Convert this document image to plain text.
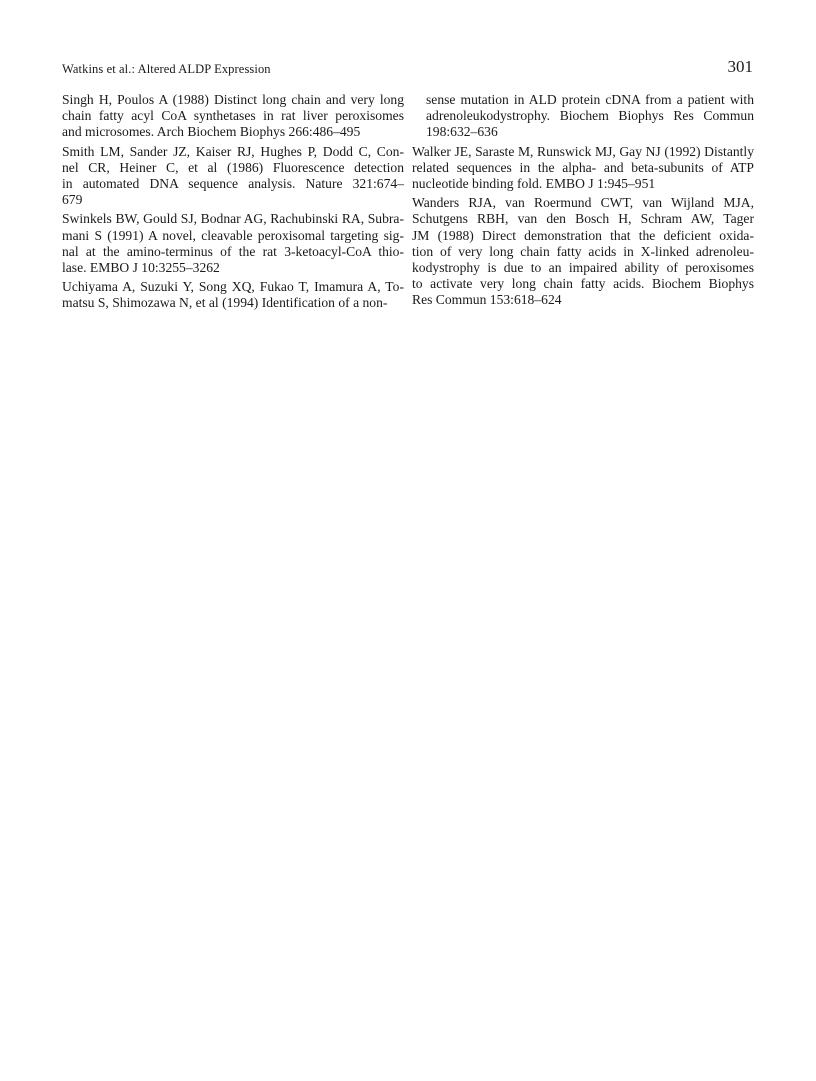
Watkins et al.: Altered ALDP Expression	301
Singh H, Poulos A (1988) Distinct long chain and very long
chain fatty acyl CoA synthetases in rat liver peroxisomes
and microsomes. Arch Biochem Biophys 266:486–495
Smith LM, Sander JZ, Kaiser RJ, Hughes P, Dodd C, Con-
nel CR, Heiner C, et al (1986) Fluorescence detection
in automated DNA sequence analysis. Nature 321:674–
679
Swinkels BW, Gould SJ, Bodnar AG, Rachubinski RA, Subra-
mani S (1991) A novel, cleavable peroxisomal targeting sig-
nal at the amino-terminus of the rat 3-ketoacyl-CoA thio-
lase. EMBO J 10:3255–3262
Uchiyama A, Suzuki Y, Song XQ, Fukao T, Imamura A, To-
matsu S, Shimozawa N, et al (1994) Identification of a non-
sense mutation in ALD protein cDNA from a patient with
adrenoleukodystrophy. Biochem Biophys Res Commun
198:632–636
Walker JE, Saraste M, Runswick MJ, Gay NJ (1992) Distantly
related sequences in the alpha- and beta-subunits of ATP
nucleotide binding fold. EMBO J 1:945–951
Wanders RJA, van Roermund CWT, van Wijland MJA,
Schutgens RBH, van den Bosch H, Schram AW, Tager
JM (1988) Direct demonstration that the deficient oxida-
tion of very long chain fatty acids in X-linked adrenoleu-
kodystrophy is due to an impaired ability of peroxisomes
to activate very long chain fatty acids. Biochem Biophys
Res Commun 153:618–624
